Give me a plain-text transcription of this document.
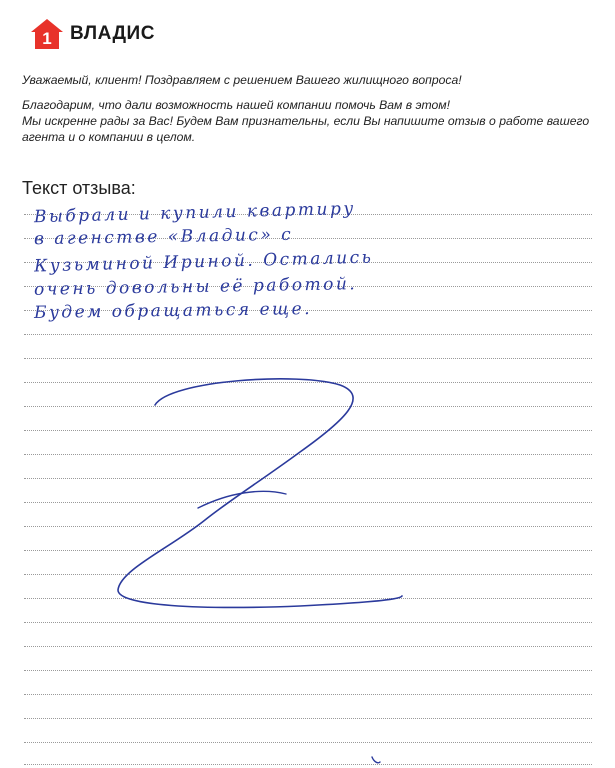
1 ВЛАДИС

Уважаемый, клиент! Поздравляем с решением Вашего жилищного вопроса!

Благодарим, что дали возможность нашей компании помочь Вам в этом!
Мы искренне рады за Вас! Будем Вам признательны, если Вы напишите отзыв о работе вашего агента и о компании в целом.

Текст отзыва:
Выбрали и купили квартиру
в агенстве «Владис» с
Кузьминой Ириной. Остались
очень довольны её работой.
Будем обращаться еще.
